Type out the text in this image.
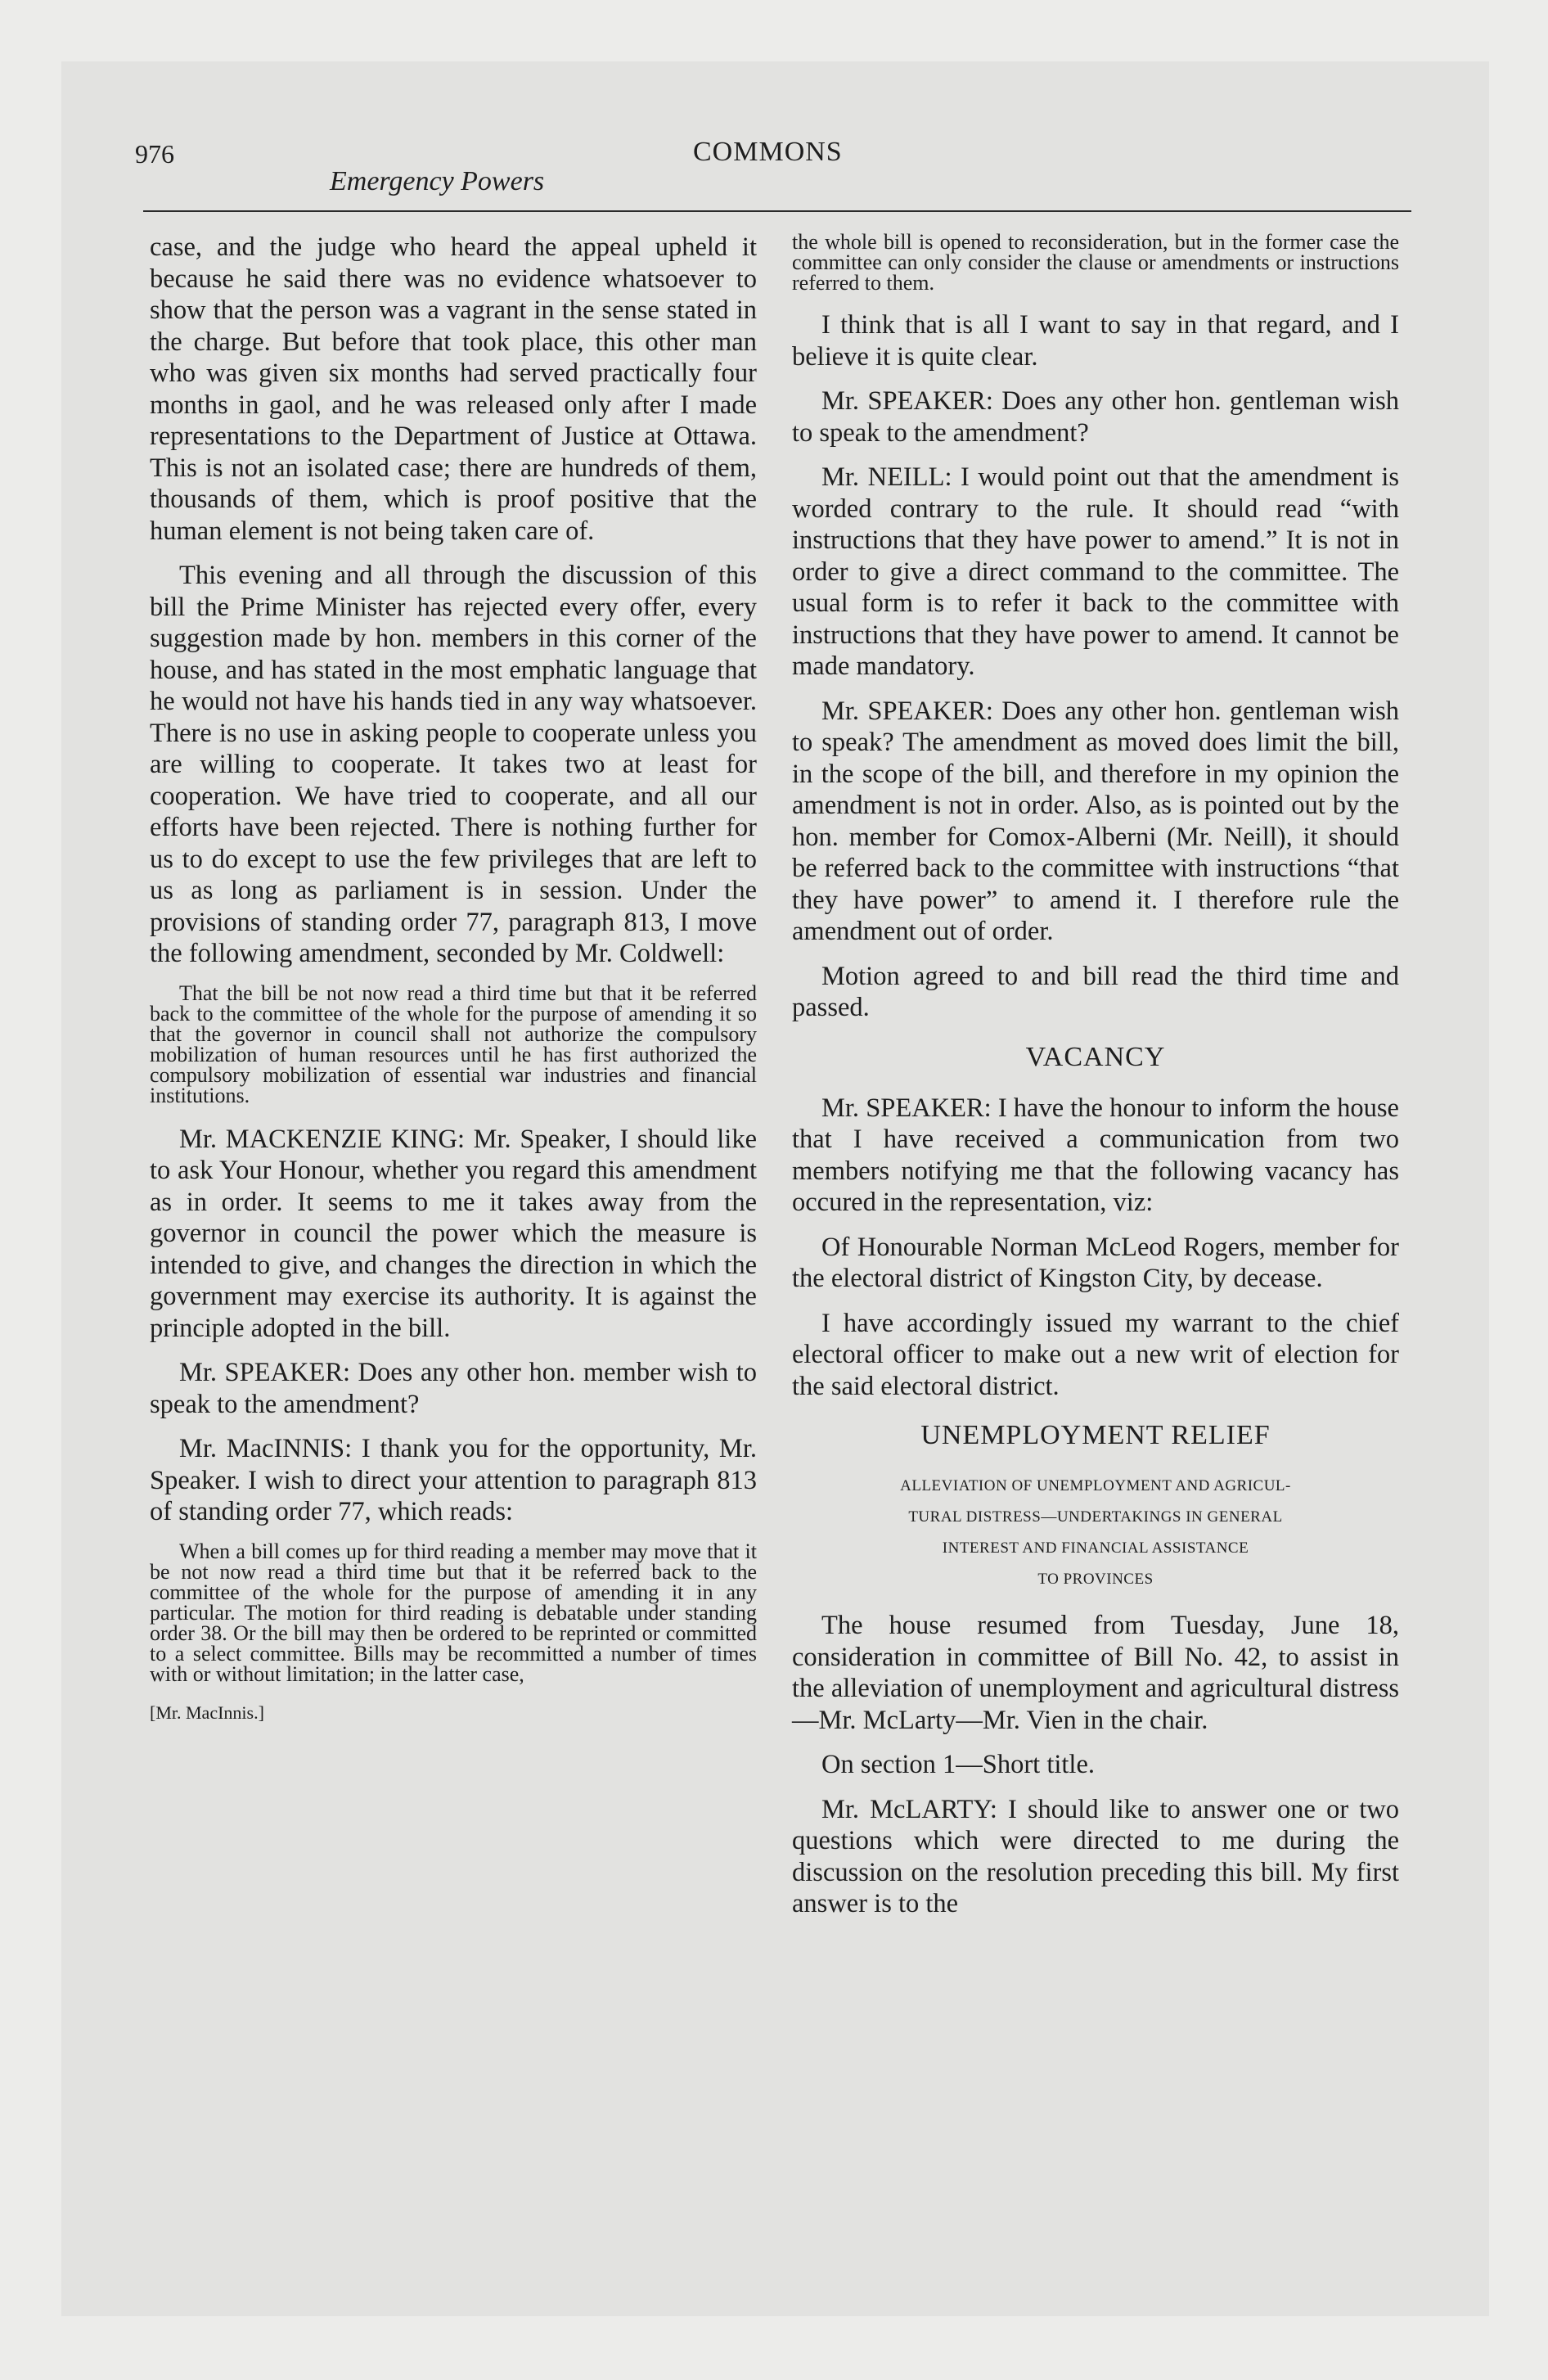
976
Emergency Powers
COMMONS

case, and the judge who heard the appeal upheld it because he said there was no evidence whatsoever to show that the person was a vagrant in the sense stated in the charge. But before that took place, this other man who was given six months had served practically four months in gaol, and he was released only after I made representations to the Department of Justice at Ottawa. This is not an isolated case; there are hundreds of them, thousands of them, which is proof positive that the human element is not being taken care of.

This evening and all through the discussion of this bill the Prime Minister has rejected every offer, every suggestion made by hon. members in this corner of the house, and has stated in the most emphatic language that he would not have his hands tied in any way whatsoever. There is no use in asking people to cooperate unless you are willing to cooperate. It takes two at least for cooperation. We have tried to cooperate, and all our efforts have been rejected. There is nothing further for us to do except to use the few privileges that are left to us as long as parliament is in session. Under the provisions of standing order 77, paragraph 813, I move the following amendment, seconded by Mr. Coldwell:

That the bill be not now read a third time but that it be referred back to the committee of the whole for the purpose of amending it so that the governor in council shall not authorize the compulsory mobilization of human resources until he has first authorized the compulsory mobilization of essential war industries and financial institutions.

Mr. MACKENZIE KING: Mr. Speaker, I should like to ask Your Honour, whether you regard this amendment as in order. It seems to me it takes away from the governor in council the power which the measure is intended to give, and changes the direction in which the government may exercise its authority. It is against the principle adopted in the bill.

Mr. SPEAKER: Does any other hon. member wish to speak to the amendment?

Mr. MacINNIS: I thank you for the opportunity, Mr. Speaker. I wish to direct your attention to paragraph 813 of standing order 77, which reads:

When a bill comes up for third reading a member may move that it be not now read a third time but that it be referred back to the committee of the whole for the purpose of amending it in any particular. The motion for third reading is debatable under standing order 38. Or the bill may then be ordered to be reprinted or committed to a select committee. Bills may be recommitted a number of times with or without limitation; in the latter case,
[Mr. MacInnis.]
the whole bill is opened to reconsideration, but in the former case the committee can only consider the clause or amendments or instructions referred to them.

I think that is all I want to say in that regard, and I believe it is quite clear.

Mr. SPEAKER: Does any other hon. gentleman wish to speak to the amendment?

Mr. NEILL: I would point out that the amendment is worded contrary to the rule. It should read “with instructions that they have power to amend.” It is not in order to give a direct command to the committee. The usual form is to refer it back to the committee with instructions that they have power to amend. It cannot be made mandatory.

Mr. SPEAKER: Does any other hon. gentleman wish to speak? The amendment as moved does limit the bill, in the scope of the bill, and therefore in my opinion the amendment is not in order. Also, as is pointed out by the hon. member for Comox-Alberni (Mr. Neill), it should be referred back to the committee with instructions “that they have power” to amend it. I therefore rule the amendment out of order.

Motion agreed to and bill read the third time and passed.

VACANCY

Mr. SPEAKER: I have the honour to inform the house that I have received a communication from two members notifying me that the following vacancy has occured in the representation, viz:

Of Honourable Norman McLeod Rogers, member for the electoral district of Kingston City, by decease.

I have accordingly issued my warrant to the chief electoral officer to make out a new writ of election for the said electoral district.

UNEMPLOYMENT RELIEF
ALLEVIATION OF UNEMPLOYMENT AND AGRICUL-
TURAL DISTRESS—UNDERTAKINGS IN GENERAL
INTEREST AND FINANCIAL ASSISTANCE
TO PROVINCES

The house resumed from Tuesday, June 18, consideration in committee of Bill No. 42, to assist in the alleviation of unemployment and agricultural distress—Mr. McLarty—Mr. Vien in the chair.

On section 1—Short title.

Mr. McLARTY: I should like to answer one or two questions which were directed to me during the discussion on the resolution preceding this bill. My first answer is to the
